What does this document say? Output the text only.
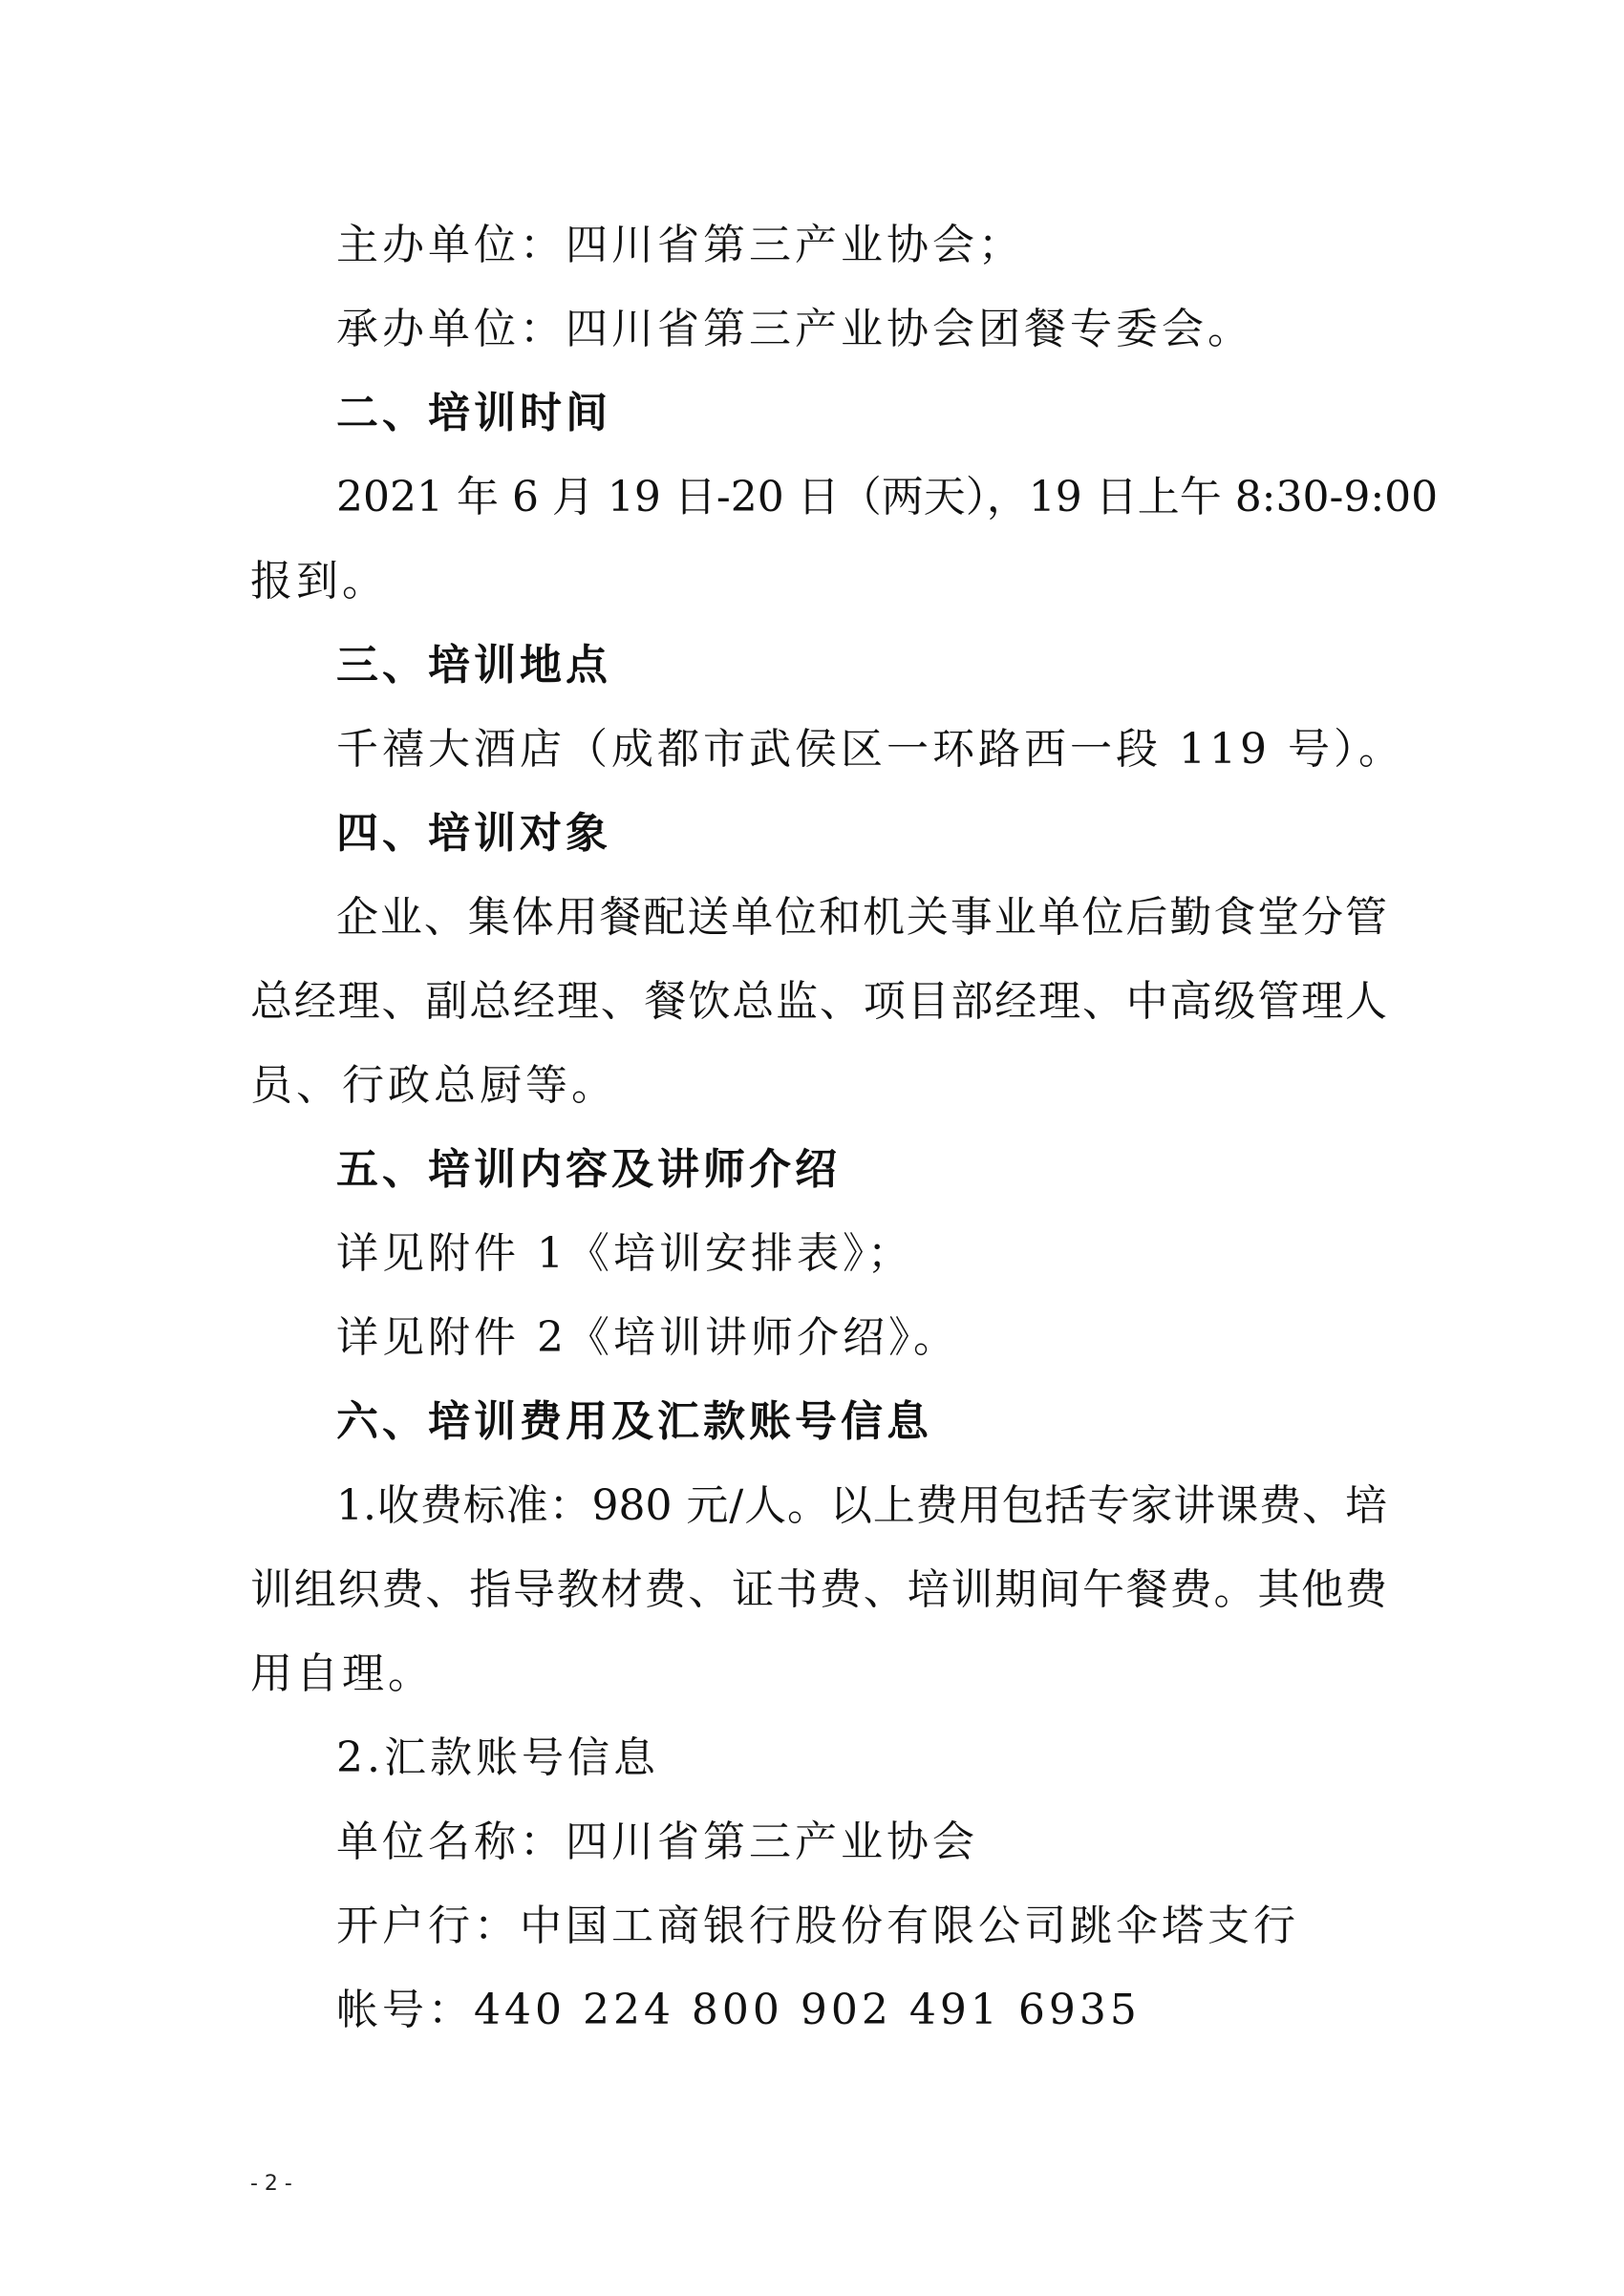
主办单位：四川省第三产业协会；
承办单位：四川省第三产业协会团餐专委会。
二、培训时间
2021 年 6 月 19 日-20 日（两天），19 日上午 8:30-9:00
报到。
三、培训地点
千禧大酒店（成都市武侯区一环路西一段 119 号）。
四、培训对象
企业、集体用餐配送单位和机关事业单位后勤食堂分管
总经理、副总经理、餐饮总监、项目部经理、中高级管理人
员、行政总厨等。
五、培训内容及讲师介绍
详见附件 1《培训安排表》；
详见附件 2《培训讲师介绍》。
六、培训费用及汇款账号信息
1.收费标准：980 元/人。以上费用包括专家讲课费、培
训组织费、指导教材费、证书费、培训期间午餐费。其他费
用自理。
2.汇款账号信息
单位名称：四川省第三产业协会
开户行：中国工商银行股份有限公司跳伞塔支行
帐号：440 224 800 902 491 6935
- 2 -
